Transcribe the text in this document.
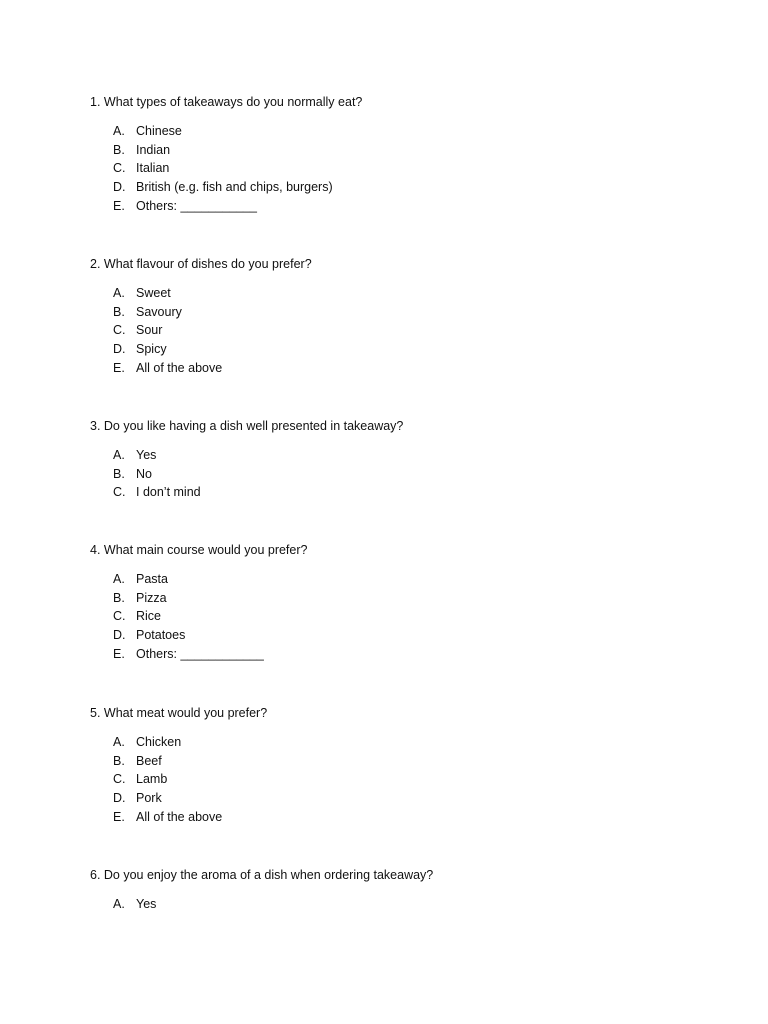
1. What types of takeaways do you normally eat?

A. Chinese
B. Indian
C. Italian
D. British (e.g. fish and chips, burgers)
E. Others: ___________

2. What flavour of dishes do you prefer?

A. Sweet
B. Savoury
C. Sour
D. Spicy
E. All of the above

3. Do you like having a dish well presented in takeaway?

A. Yes
B. No
C. I don’t mind

4. What main course would you prefer?

A. Pasta
B. Pizza
C. Rice
D. Potatoes
E. Others: ____________

5. What meat would you prefer?

A. Chicken
B. Beef
C. Lamb
D. Pork
E. All of the above

6. Do you enjoy the aroma of a dish when ordering takeaway?

A. Yes
